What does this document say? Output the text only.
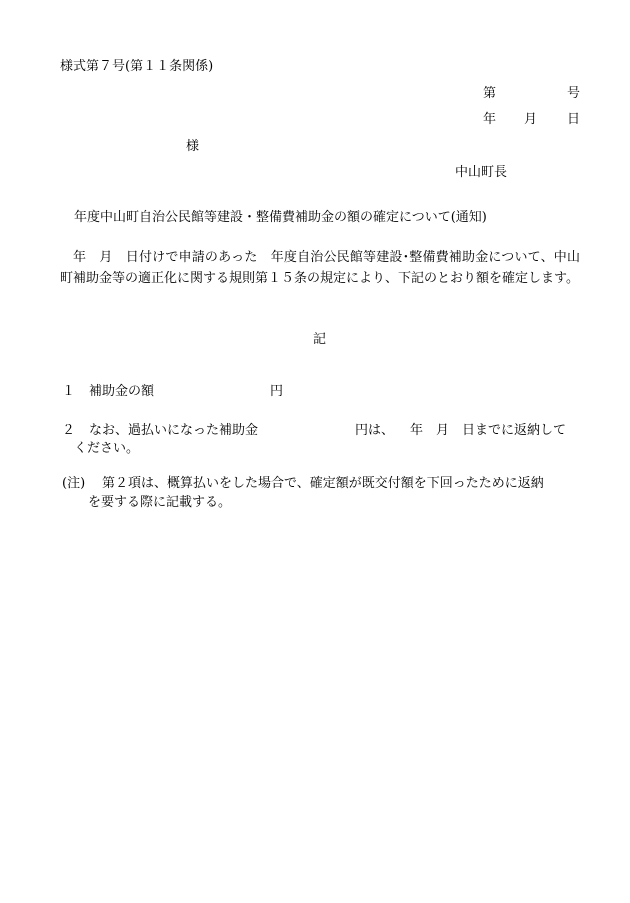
様式第７号(第１１条関係)
第	号
年 月 日
様
中山町長
年度中山町自治公民館等建設・整備費補助金の額の確定について(通知)
年　月　日付けで申請のあった　年度自治公民館等建設･整備費補助金について、中山町補助金等の適正化に関する規則第１５条の規定により、下記のとおり額を確定します。
記
１ 補助金の額	円
２ なお、過払いになった補助金	円は、 年　月　日までに返納して
ください。
(注) 第２項は、概算払いをした場合で、確定額が既交付額を下回ったために返納
を要する際に記載する。
